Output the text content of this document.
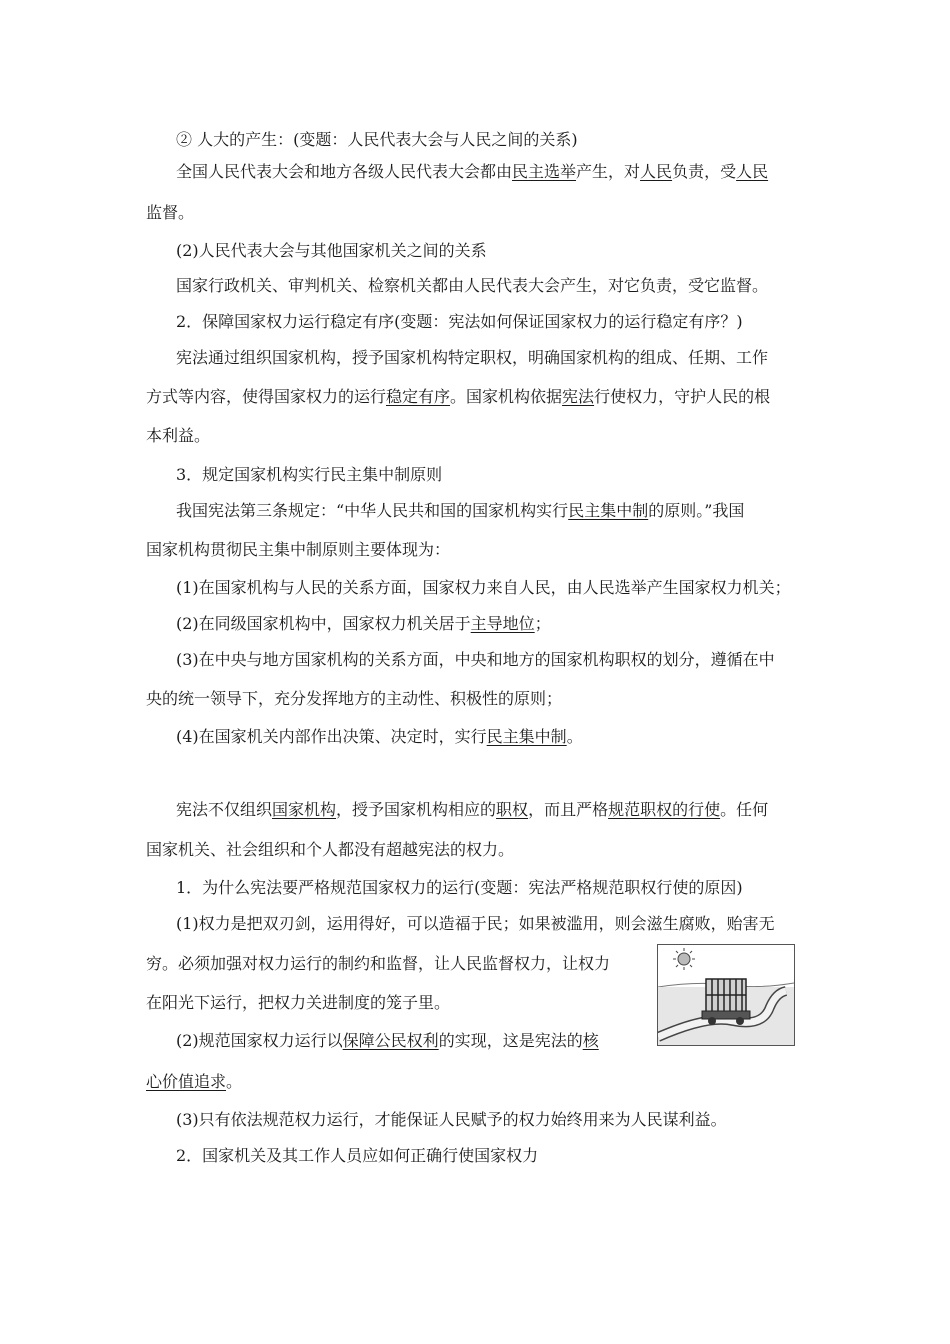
② 人大的产生：(变题：人民代表大会与人民之间的关系)
全国人民代表大会和地方各级人民代表大会都由民主选举产生，对人民负责，受人民
监督。
(2)人民代表大会与其他国家机关之间的关系
国家行政机关、审判机关、检察机关都由人民代表大会产生，对它负责，受它监督。
2．保障国家权力运行稳定有序(变题：宪法如何保证国家权力的运行稳定有序？)
宪法通过组织国家机构，授予国家机构特定职权，明确国家机构的组成、任期、工作
方式等内容，使得国家权力的运行稳定有序。国家机构依据宪法行使权力，守护人民的根
本利益。
3．规定国家机构实行民主集中制原则
我国宪法第三条规定：“中华人民共和国的国家机构实行民主集中制的原则。”我国
国家机构贯彻民主集中制原则主要体现为：
(1)在国家机构与人民的关系方面，国家权力来自人民，由人民选举产生国家权力机关；
(2)在同级国家机构中，国家权力机关居于主导地位；
(3)在中央与地方国家机构的关系方面，中央和地方的国家机构职权的划分，遵循在中
央的统一领导下，充分发挥地方的主动性、积极性的原则；
(4)在国家机关内部作出决策、决定时，实行民主集中制。
宪法不仅组织国家机构，授予国家机构相应的职权，而且严格规范职权的行使。任何
国家机关、社会组织和个人都没有超越宪法的权力。
1．为什么宪法要严格规范国家权力的运行(变题：宪法严格规范职权行使的原因)
(1)权力是把双刃剑，运用得好，可以造福于民；如果被滥用，则会滋生腐败，贻害无
穷。必须加强对权力运行的制约和监督，让人民监督权力，让权力
在阳光下运行，把权力关进制度的笼子里。
(2)规范国家权力运行以保障公民权利的实现，这是宪法的核
心价值追求。
(3)只有依法规范权力运行，才能保证人民赋予的权力始终用来为人民谋利益。
2．国家机关及其工作人员应如何正确行使国家权力
